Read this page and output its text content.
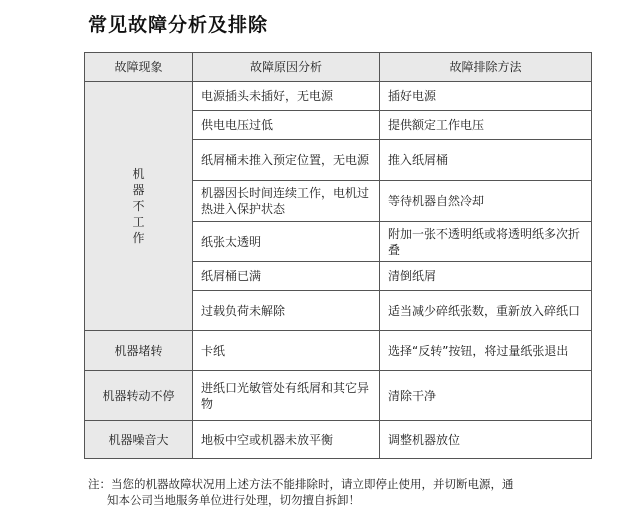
常见故障分析及排除
故障现象	故障原因分析	故障排除方法
机器不工作	电源插头未插好，无电源	插好电源
	供电电压过低	提供额定工作电压
	纸屑桶未推入预定位置，无电源	推入纸屑桶
	机器因长时间连续工作，电机过热进入保护状态	等待机器自然冷却
	纸张太透明	附加一张不透明纸或将透明纸多次折叠
	纸屑桶已满	清倒纸屑
	过载负荷未解除	适当减少碎纸张数，重新放入碎纸口
机器堵转	卡纸	选择“反转”按钮，将过量纸张退出
机器转动不停	进纸口光敏管处有纸屑和其它异物	清除干净
机器噪音大	地板中空或机器未放平衡	调整机器放位
注：当您的机器故障状况用上述方法不能排除时，请立即停止使用，并切断电源，通
知本公司当地服务单位进行处理，切勿擅自拆卸！
